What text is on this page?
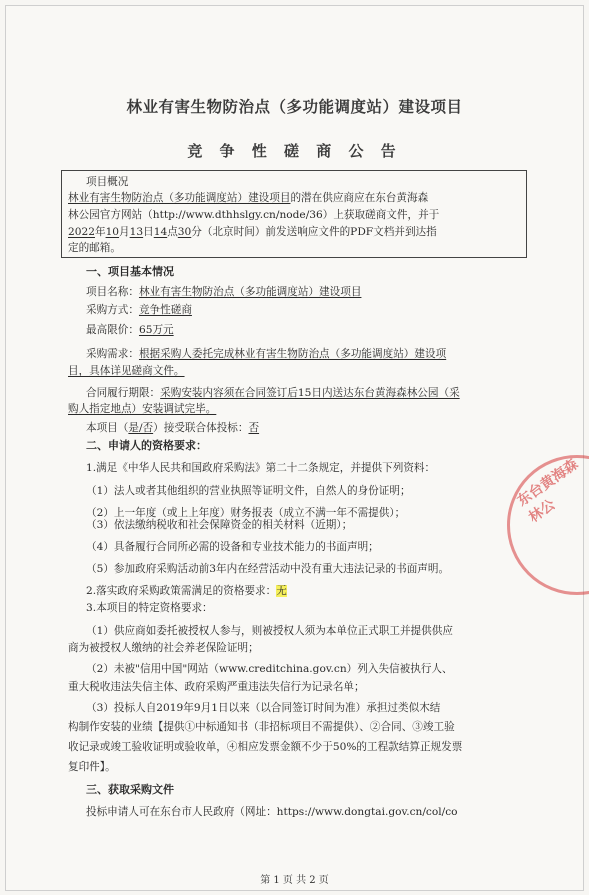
林业有害生物防治点（多功能调度站）建设项目
竞 争 性 磋 商 公 告
项目概况
林业有害生物防治点（多功能调度站）建设项目的潜在供应商应在东台黄海森
林公园官方网站（http://www.dthhslgy.cn/node/36）上获取磋商文件，并于
2022年10月13日14点30分（北京时间）前发送响应文件的PDF文档并到达指
定的邮箱。
一、项目基本情况
项目名称：林业有害生物防治点（多功能调度站）建设项目
采购方式：竞争性磋商
最高限价：65万元
采购需求：根据采购人委托完成林业有害生物防治点（多功能调度站）建设项
目，具体详见磋商文件。
合同履行期限：采购安装内容须在合同签订后15日内送达东台黄海森林公园（采
购人指定地点）安装调试完毕。
本项目（是/否）接受联合体投标：否
二、申请人的资格要求：
1.满足《中华人民共和国政府采购法》第二十二条规定，并提供下列资料：
（1）法人或者其他组织的营业执照等证明文件，自然人的身份证明；
（2）上一年度（或上上年度）财务报表（成立不满一年不需提供）；
（3）依法缴纳税收和社会保障资金的相关材料（近期）；
（4）具备履行合同所必需的设备和专业技术能力的书面声明；
（5）参加政府采购活动前3年内在经营活动中没有重大违法记录的书面声明。
2.落实政府采购政策需满足的资格要求：无
3.本项目的特定资格要求：
（1）供应商如委托被授权人参与，则被授权人须为本单位正式职工并提供供应
商为被授权人缴纳的社会养老保险证明；
（2）未被"信用中国"网站（www.creditchina.gov.cn）列入失信被执行人、
重大税收违法失信主体、政府采购严重违法失信行为记录名单；
（3）投标人自2019年9月1日以来（以合同签订时间为准）承担过类似木结
构制作安装的业绩【提供①中标通知书（非招标项目不需提供）、②合同、③竣工验
收记录或竣工验收证明或验收单，④相应发票金额不少于50%的工程款结算正规发票
复印件】。
三、获取采购文件
投标申请人可在东台市人民政府（网址：https://www.dongtai.gov.cn/col/co
东台黄海森林公
第 1 页 共 2 页
